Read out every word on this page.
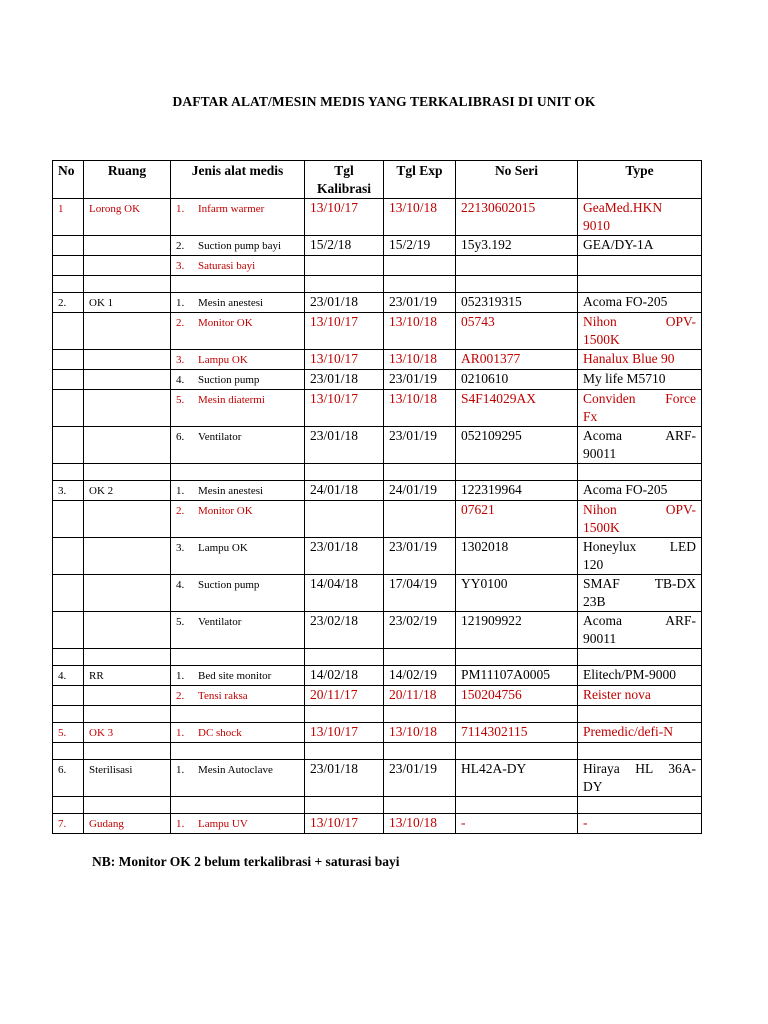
DAFTAR ALAT/MESIN MEDIS YANG TERKALIBRASI DI UNIT OK
No	Ruang	Jenis alat medis	Tgl
Kalibrasi	Tgl Exp	No Seri	Type
1	Lorong OK	1. Infarm warmer	13/10/17	13/10/18	22130602015	GeaMed.HKN
9010
		2. Suction pump bayi	15/2/18	15/2/19	15y3.192	GEA/DY-1A
		3. Saturasi bayi				

2.	OK 1	1. Mesin anestesi	23/01/18	23/01/19	052319315	Acoma FO-205
		2. Monitor OK	13/10/17	13/10/18	05743	Nihon OPV-
1500K
		3. Lampu OK	13/10/17	13/10/18	AR001377	Hanalux Blue 90
		4. Suction pump	23/01/18	23/01/19	0210610	My life M5710
		5. Mesin diatermi	13/10/17	13/10/18	S4F14029AX	Conviden Force
Fx
		6. Ventilator	23/01/18	23/01/19	052109295	Acoma ARF-
90011

3.	OK 2	1. Mesin anestesi	24/01/18	24/01/19	122319964	Acoma FO-205
		2. Monitor OK			07621	Nihon OPV-
1500K
		3. Lampu OK	23/01/18	23/01/19	1302018	Honeylux LED
120
		4. Suction pump	14/04/18	17/04/19	YY0100	SMAF TB-DX
23B
		5. Ventilator	23/02/18	23/02/19	121909922	Acoma ARF-
90011

4.	RR	1. Bed site monitor	14/02/18	14/02/19	PM11107A0005	Elitech/PM-9000
		2. Tensi raksa	20/11/17	20/11/18	150204756	Reister nova

5.	OK 3	1. DC shock	13/10/17	13/10/18	7114302115	Premedic/defi-N

6.	Sterilisasi	1. Mesin Autoclave	23/01/18	23/01/19	HL42A-DY	Hiraya HL 36A-
DY

7.	Gudang	1. Lampu UV	13/10/17	13/10/18	-	-
NB: Monitor OK 2 belum terkalibrasi + saturasi bayi
